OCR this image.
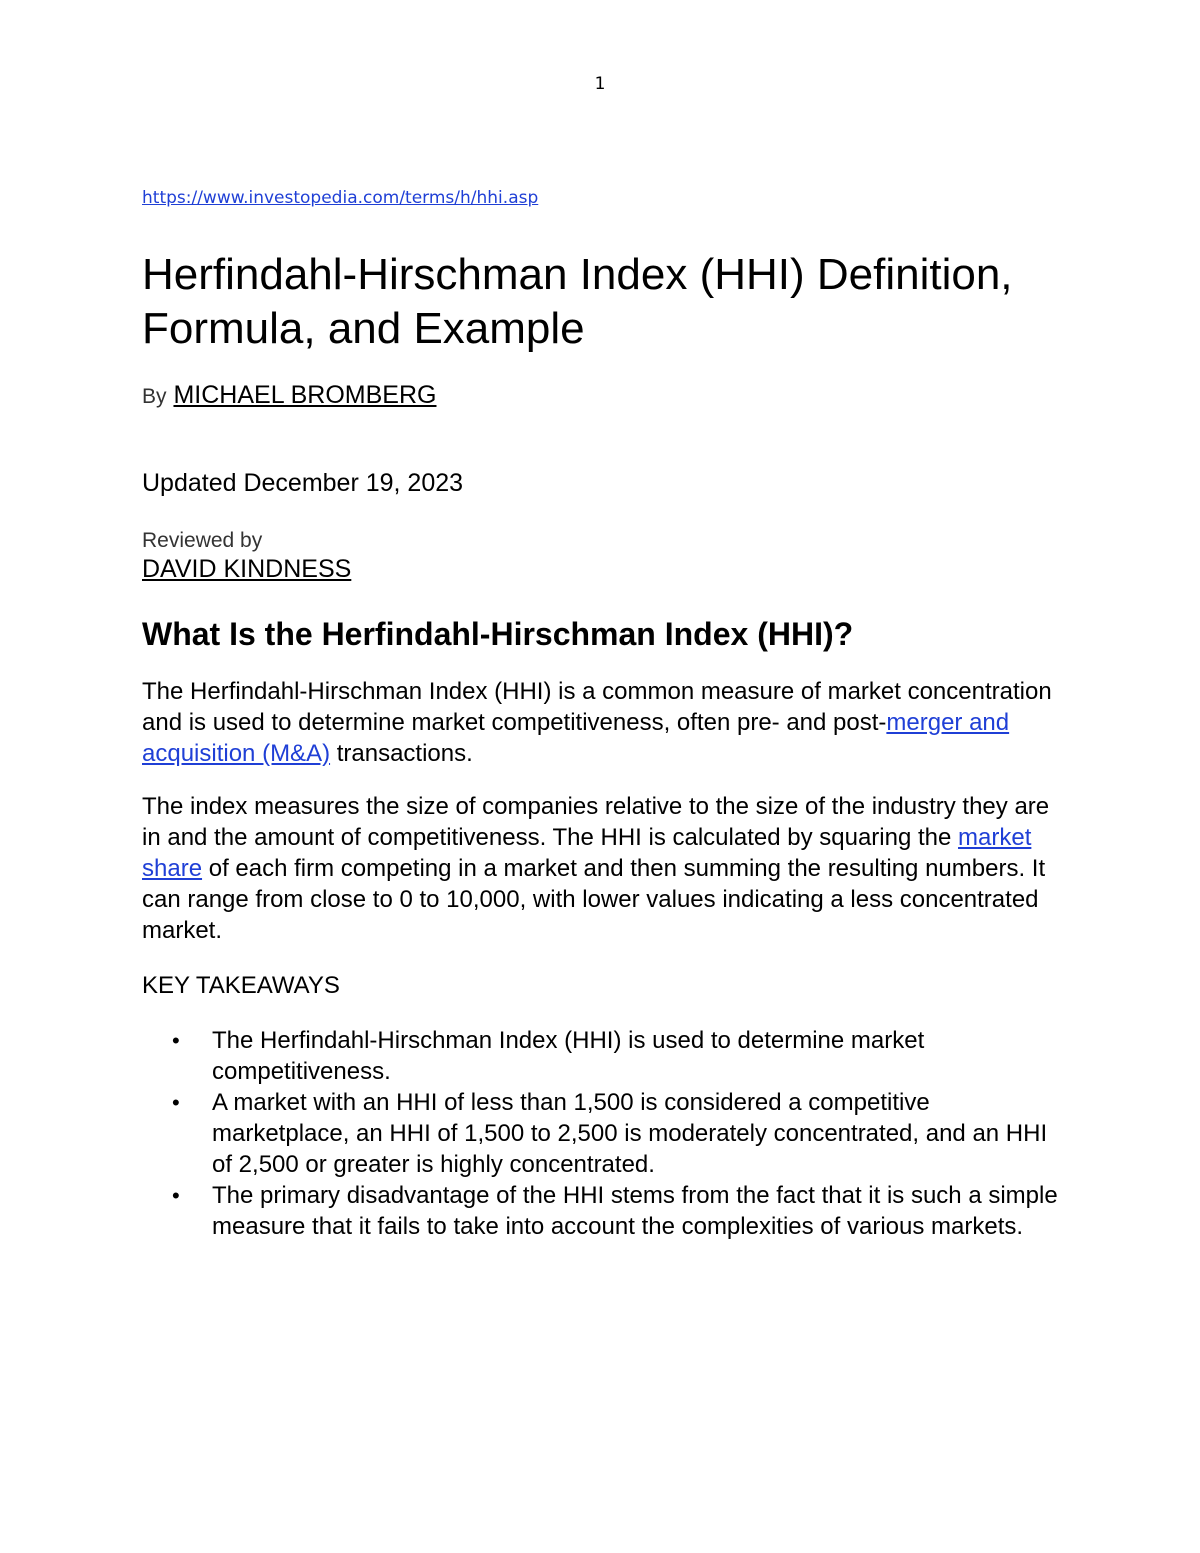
1
https://www.investopedia.com/terms/h/hhi.asp
Herfindahl-Hirschman Index (HHI) Definition, Formula, and Example

By MICHAEL BROMBERG

Updated December 19, 2023

Reviewed by

DAVID KINDNESS

What Is the Herfindahl-Hirschman Index (HHI)?

The Herfindahl-Hirschman Index (HHI) is a common measure of market concentration and is used to determine market competitiveness, often pre- and post-merger and acquisition (M&A) transactions.

The index measures the size of companies relative to the size of the industry they are in and the amount of competitiveness. The HHI is calculated by squaring the market share of each firm competing in a market and then summing the resulting numbers. It can range from close to 0 to 10,000, with lower values indicating a less concentrated market.

KEY TAKEAWAYS

• The Herfindahl-Hirschman Index (HHI) is used to determine market competitiveness.
• A market with an HHI of less than 1,500 is considered a competitive marketplace, an HHI of 1,500 to 2,500 is moderately concentrated, and an HHI of 2,500 or greater is highly concentrated.
• The primary disadvantage of the HHI stems from the fact that it is such a simple measure that it fails to take into account the complexities of various markets.
